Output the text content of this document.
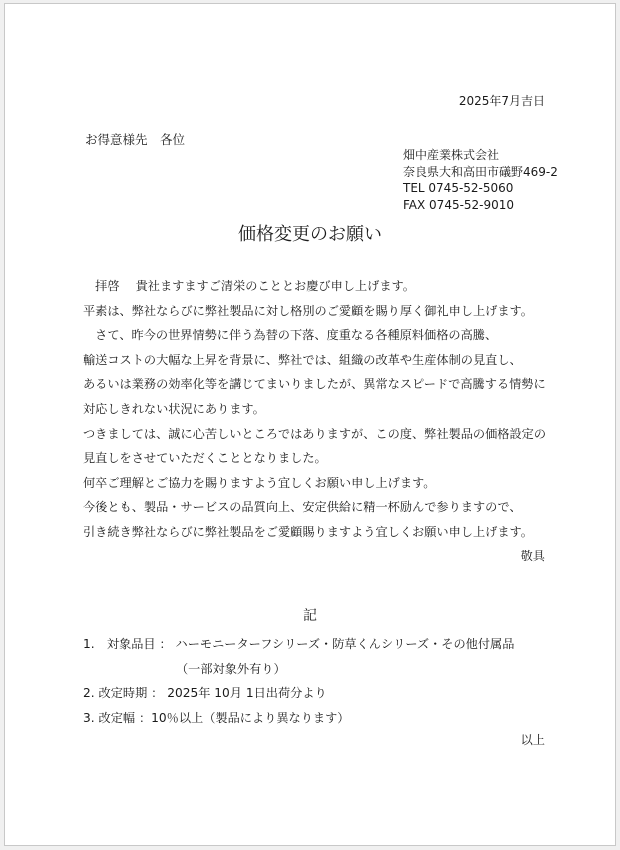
2025年7月吉日
お得意様先　各位
畑中産業株式会社
奈良県大和高田市礒野469-2
TEL 0745-52-5060
FAX 0745-52-9010
価格変更のお願い
　拝啓　 貴社ますますご清栄のこととお慶び申し上げます。
平素は、弊社ならびに弊社製品に対し格別のご愛顧を賜り厚く御礼申し上げます。
　さて、昨今の世界情勢に伴う為替の下落、度重なる各種原料価格の高騰、
輸送コストの大幅な上昇を背景に、弊社では、組織の改革や生産体制の見直し、
あるいは業務の効率化等を講じてまいりましたが、異常なスピードで高騰する情勢に
対応しきれない状況にあります。
つきましては、誠に心苦しいところではありますが、この度、弊社製品の価格設定の
見直しをさせていただくこととなりました。
何卒ご理解とご協力を賜りますよう宜しくお願い申し上げます。
今後とも、製品・サービスの品質向上、安定供給に精一杯励んで参りますので、
引き続き弊社ならびに弊社製品をご愛顧賜りますよう宜しくお願い申し上げます。
敬具
記
1.　対象品目 ： ハーモニーターフシリーズ・防草くんシリーズ・その他付属品
（一部対象外有り）
2. 改定時期 ： 2025年 10月 1日出荷分より
3. 改定幅 ：10％以上（製品により異なります）
以上
